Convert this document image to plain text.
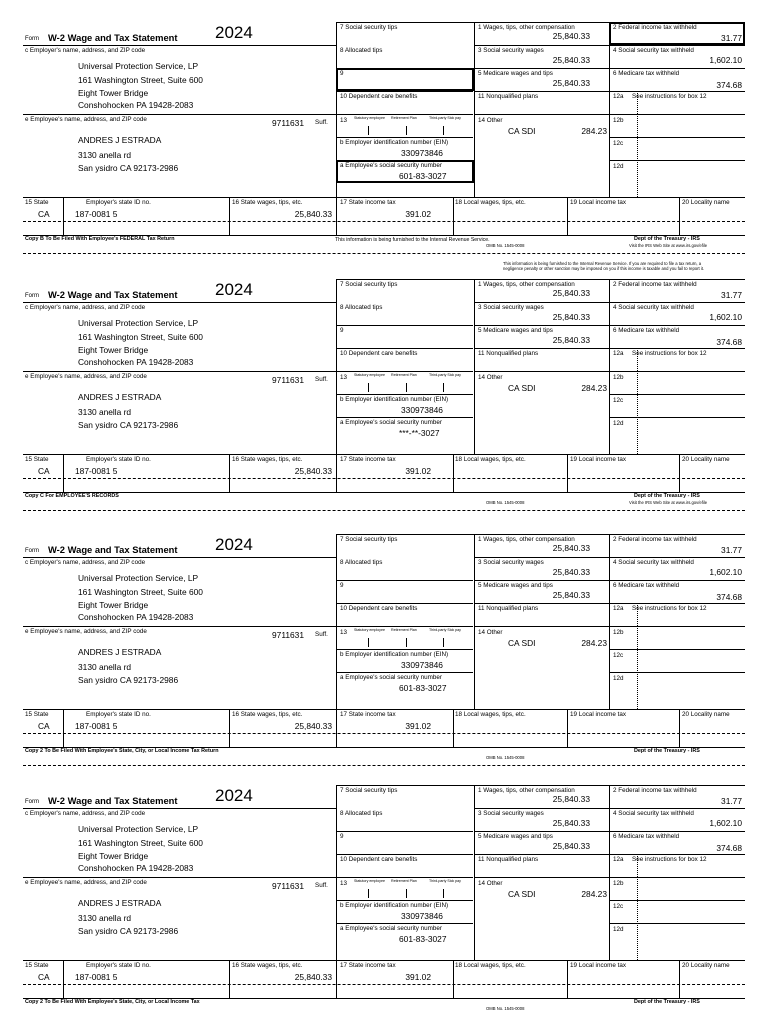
Form W-2 Wage and Tax Statement 2024
c Employer's name, address, and ZIP code
Universal Protection Service, LP
161 Washington Street, Suite 600
Eight Tower Bridge
Conshohocken PA 19428-2083
e Employee's name, address, and ZIP code	9711631 Suff.
ANDRES J ESTRADA
3130 anella rd
San ysidro CA 92173-2986
7 Social security tips
8 Allocated tips
9
10 Dependent care benefits
13 Statutory employee Retirement Plan	Third-party Sick pay
b Employer identification number (EIN)
330973846
a Employee's social security number
601-83-3027
1 Wages, tips, other compensation
25,840.33
2 Federal income tax withheld
31.77
3 Social security wages
25,840.33
4 Social security tax withheld
1,602.10
5 Medicare wages and tips
25,840.33
6 Medicare tax withheld
374.68
11 Nonqualified plans	12a See instructions for box 12
14 Other
CA SDI	284.23
12b
12c
12d
15 State	Employer's state ID no.	16 State wages, tips, etc.	17 State income tax	18 Local wages, tips, etc.	19 Local income tax	20 Locality name
CA	187-0081 5	25,840.33	391.02
Copy B To Be Filed With Employee's FEDERAL Tax Return	This information is being furnished to the Internal Revenue Service.
OMB No. 1545-0008
Dept of the Treasury - IRS
Visit the IRS Web Site at www.irs.gov/efile
This information is being furnished to the Internal Revenue Service. If you are required to file a tax return, a
negligence penalty or other sanction may be imposed on you if this income is taxable and you fail to report it.
Form W-2 Wage and Tax Statement 2024
c Employer's name, address, and ZIP code
Universal Protection Service, LP
161 Washington Street, Suite 600
Eight Tower Bridge
Conshohocken PA 19428-2083
e Employee's name, address, and ZIP code	9711631 Suff.
ANDRES J ESTRADA
3130 anella rd
San ysidro CA 92173-2986
7 Social security tips
8 Allocated tips
9
10 Dependent care benefits
13 Statutory employee Retirement Plan	Third-party Sick pay
b Employer identification number (EIN)
330973846
a Employee's social security number
***-**-3027
1 Wages, tips, other compensation
25,840.33
2 Federal income tax withheld
31.77
3 Social security wages
25,840.33
4 Social security tax withheld
1,602.10
5 Medicare wages and tips
25,840.33
6 Medicare tax withheld
374.68
11 Nonqualified plans	12a See instructions for box 12
14 Other
CA SDI	284.23
12b
12c
12d
15 State	Employer's state ID no.	16 State wages, tips, etc.	17 State income tax	18 Local wages, tips, etc.	19 Local income tax	20 Locality name
CA	187-0081 5	25,840.33	391.02
Copy C For EMPLOYEE'S RECORDS
OMB No. 1545-0008
Dept of the Treasury - IRS
Visit the IRS Web Site at www.irs.gov/efile
Form W-2 Wage and Tax Statement 2024
c Employer's name, address, and ZIP code
Universal Protection Service, LP
161 Washington Street, Suite 600
Eight Tower Bridge
Conshohocken PA 19428-2083
e Employee's name, address, and ZIP code	9711631 Suff.
ANDRES J ESTRADA
3130 anella rd
San ysidro CA 92173-2986
7 Social security tips
8 Allocated tips
9
10 Dependent care benefits
13 Statutory employee Retirement Plan	Third-party Sick pay
b Employer identification number (EIN)
330973846
a Employee's social security number
601-83-3027
1 Wages, tips, other compensation
25,840.33
2 Federal income tax withheld
31.77
3 Social security wages
25,840.33
4 Social security tax withheld
1,602.10
5 Medicare wages and tips
25,840.33
6 Medicare tax withheld
374.68
11 Nonqualified plans	12a See instructions for box 12
14 Other
CA SDI	284.23
12b
12c
12d
15 State	Employer's state ID no.	16 State wages, tips, etc.	17 State income tax	18 Local wages, tips, etc.	19 Local income tax	20 Locality name
CA	187-0081 5	25,840.33	391.02
Copy 2 To Be Filed With Employee's State, City, or Local Income Tax Return
OMB No. 1545-0008
Dept of the Treasury - IRS
Form W-2 Wage and Tax Statement 2024
c Employer's name, address, and ZIP code
Universal Protection Service, LP
161 Washington Street, Suite 600
Eight Tower Bridge
Conshohocken PA 19428-2083
e Employee's name, address, and ZIP code	9711631 Suff.
ANDRES J ESTRADA
3130 anella rd
San ysidro CA 92173-2986
7 Social security tips
8 Allocated tips
9
10 Dependent care benefits
13 Statutory employee Retirement Plan	Third-party Sick pay
b Employer identification number (EIN)
330973846
a Employee's social security number
601-83-3027
1 Wages, tips, other compensation
25,840.33
2 Federal income tax withheld
31.77
3 Social security wages
25,840.33
4 Social security tax withheld
1,602.10
5 Medicare wages and tips
25,840.33
6 Medicare tax withheld
374.68
11 Nonqualified plans	12a See instructions for box 12
14 Other
CA SDI	284.23
12b
12c
12d
15 State	Employer's state ID no.	16 State wages, tips, etc.	17 State income tax	18 Local wages, tips, etc.	19 Local income tax	20 Locality name
CA	187-0081 5	25,840.33	391.02
Copy 2 To Be Filed With Employee's State, City, or Local Income Tax
OMB No. 1545-0008
Dept of the Treasury - IRS
